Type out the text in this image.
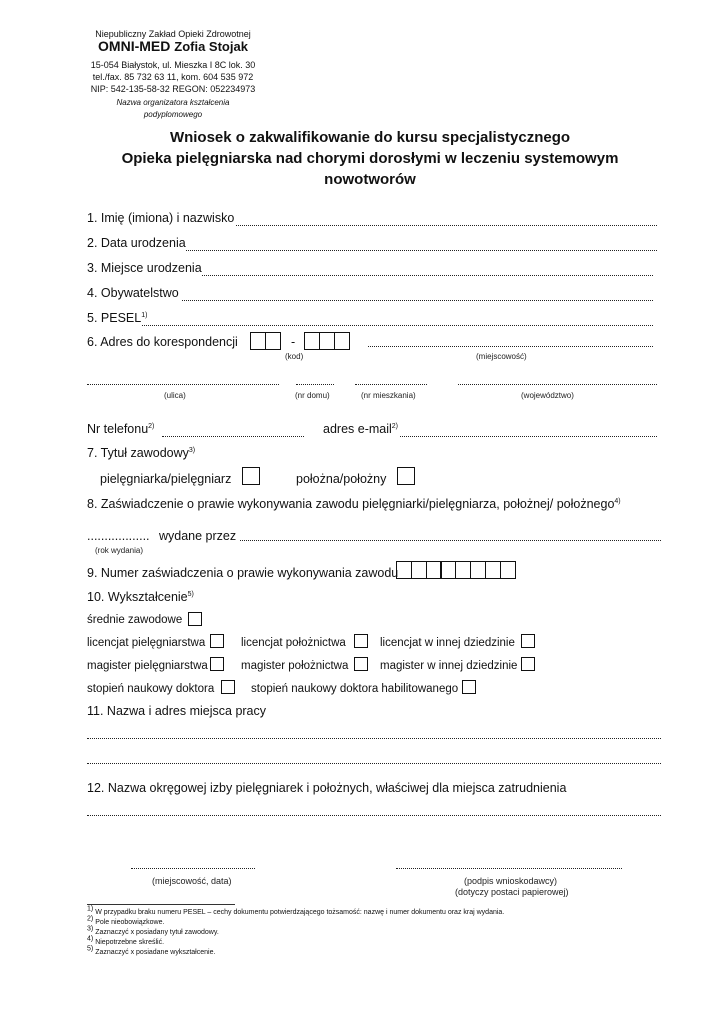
Niepubliczny Zakład Opieki Zdrowotnej
OMNI-MED Zofia Stojak
15-054 Białystok, ul. Mieszka I 8C lok. 30
tel./fax. 85 732 63 11, kom. 604 535 972
NIP: 542-135-58-32 REGON: 052234973
Nazwa organizatora kształcenia
podyplomowego
Wniosek o zakwalifikowanie do kursu specjalistycznego
Opieka pielęgniarska nad chorymi dorosłymi w leczeniu systemowym
nowotworów
1. Imię (imiona) i nazwisko
2. Data urodzenia
3. Miejsce urodzenia
4. Obywatelstwo
5. PESEL$^{1)}$
6. Adres do korespondencji	-
(kod)	(miejscowość)
(ulica)	(nr domu)	(nr mieszkania)	(województwo)
Nr telefonu$^{2)}$	adres e-mail$^{2)}$
7. Tytuł zawodowy$^{3)}$
pielęgniarka/pielęgniarz	położna/położny
8. Zaświadczenie o prawie wykonywania zawodu pielęgniarki/pielęgniarza, położnej/ położnego$^{4)}$
.................. wydane przez
(rok wydania)
9. Numer zaświadczenia o prawie wykonywania zawodu
10. Wykształcenie$^{5)}$
średnie zawodowe
licencjat pielęgniarstwa	licencjat położnictwa	licencjat w innej dziedzinie
magister pielęgniarstwa	magister położnictwa	magister w innej dziedzinie
stopień naukowy doktora	stopień naukowy doktora habilitowanego
11. Nazwa i adres miejsca pracy
12. Nazwa okręgowej izby pielęgniarek i położnych, właściwej dla miejsca zatrudnienia
(miejscowość, data)	(podpis wnioskodawcy)
(dotyczy postaci papierowej)
$^{1)}$ W przypadku braku numeru PESEL – cechy dokumentu potwierdzającego tożsamość: nazwę i numer dokumentu oraz kraj wydania.
$^{2)}$ Pole nieobowiązkowe.
$^{3)}$ Zaznaczyć x posiadany tytuł zawodowy.
$^{4)}$ Niepotrzebne skreślić.
$^{5)}$ Zaznaczyć x posiadane wykształcenie.
